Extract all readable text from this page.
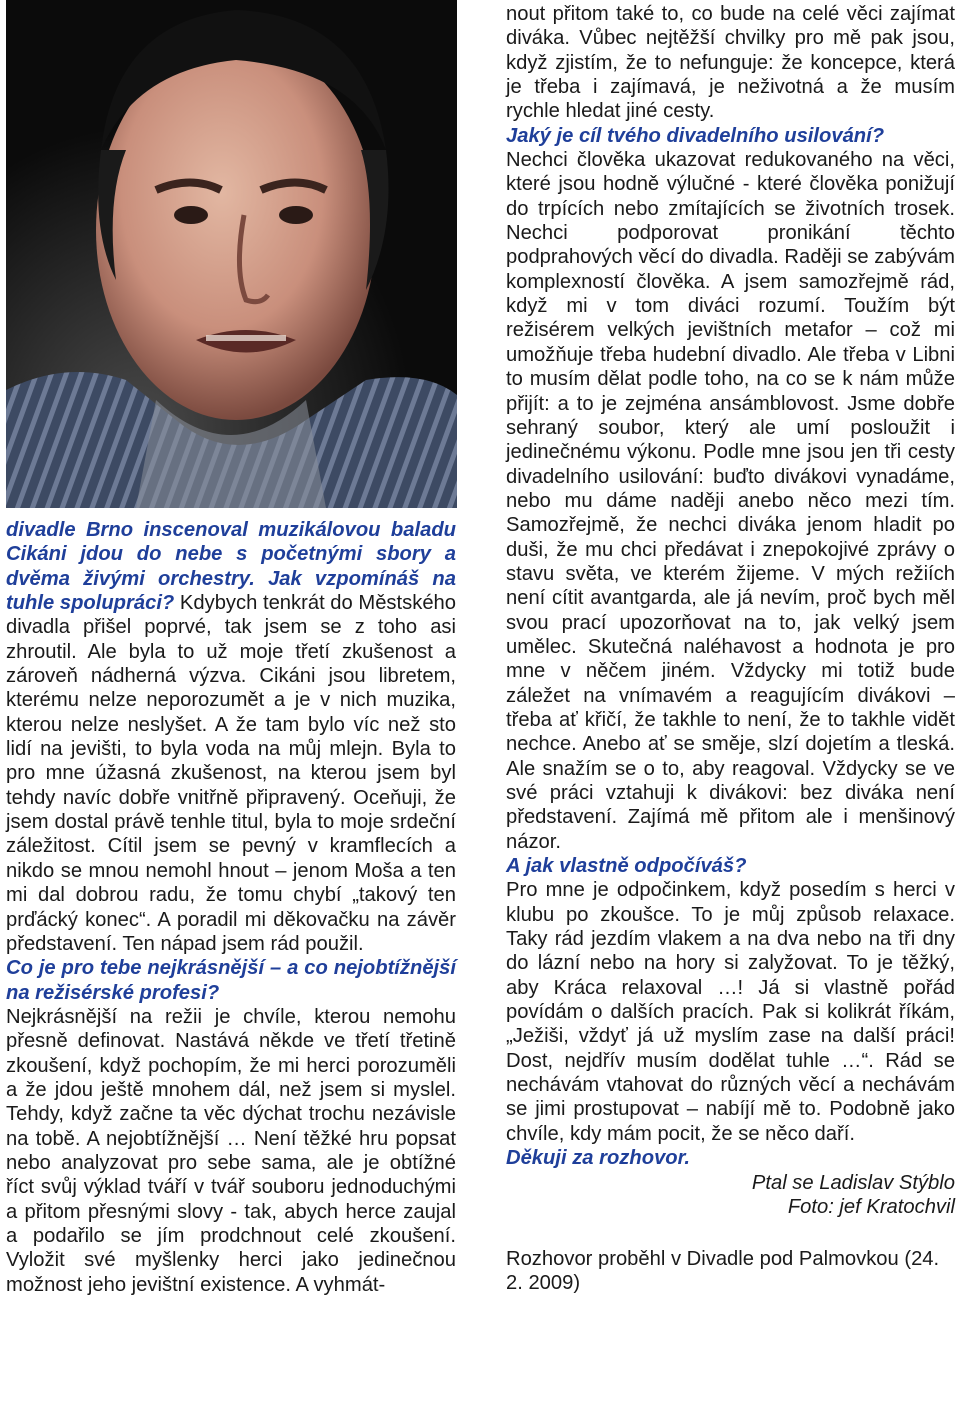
divadle Brno inscenoval muzikálovou baladu Cikáni jdou do nebe s početnými sbory a dvěma živými orchestry. Jak vzpomínáš na tuhle spolupráci? Kdybych tenkrát do Městského divadla přišel poprvé, tak jsem se z toho asi zhroutil. Ale byla to už moje třetí zkušenost a zároveň nádherná výzva. Cikáni jsou libretem, kterému nelze neporozumět a je v nich muzika, kterou nelze neslyšet. A že tam bylo víc než sto lidí na jevišti, to byla voda na můj mlejn. Byla to pro mne úžasná zkušenost, na kterou jsem byl tehdy navíc dobře vnitřně připravený. Oceňuji, že jsem dostal právě tenhle titul, byla to moje srdeční záležitost. Cítil jsem se pevný v kramflecích a nikdo se mnou nemohl hnout – jenom Moša a ten mi dal dobrou radu, že tomu chybí „takový ten prďácký konec“. A poradil mi děkovačku na závěr představení. Ten nápad jsem rád použil.

Co je pro tebe nejkrásnější – a co nejobtížnější na režisérské profesi?

Nejkrásnější na režii je chvíle, kterou nemohu přesně definovat. Nastává někde ve třetí třetině zkoušení, když pochopím, že mi herci porozuměli a že jdou ještě mnohem dál, než jsem si myslel. Tehdy, když začne ta věc dýchat trochu nezávisle na tobě. A nejobtížnější … Není těžké hru popsat nebo analyzovat pro sebe sama, ale je obtížné říct svůj výklad tváří v tvář souboru jednoduchými a přitom přesnými slovy - tak, abych herce zaujal a podařilo se jím prodchnout celé zkoušení. Vyložit své myšlenky herci jako jedinečnou možnost jeho jevištní existence. A vyhmát-

nout přitom také to, co bude na celé věci zajímat diváka. Vůbec nejtěžší chvilky pro mě pak jsou, když zjistím, že to nefunguje: že koncepce, která je třeba i zajímavá, je neživotná a že musím rychle hledat jiné cesty.

Jaký je cíl tvého divadelního usilování?

Nechci člověka ukazovat redukovaného na věci, které jsou hodně výlučné - které člověka ponižují do trpících nebo zmítajících se životních trosek. Nechci podporovat pronikání těchto podprahových věcí do divadla. Raději se zabývám komplexností člověka. A jsem samozřejmě rád, když mi v tom diváci rozumí. Toužím být režisérem velkých jevištních metafor – což mi umožňuje třeba hudební divadlo. Ale třeba v Libni to musím dělat podle toho, na co se k nám může přijít: a to je zejména ansámblovost. Jsme dobře sehraný soubor, který ale umí posloužit i jedinečnému výkonu. Podle mne jsou jen tři cesty divadelního usilování: buďto divákovi vynadáme, nebo mu dáme naději anebo něco mezi tím. Samozřejmě, že nechci diváka jenom hladit po duši, že mu chci předávat i znepokojivé zprávy o stavu světa, ve kterém žijeme. V mých režiích není cítit avantgarda, ale já nevím, proč bych měl svou prací upozorňovat na to, jak velký jsem umělec. Skutečná naléhavost a hodnota je pro mne v něčem jiném. Vždycky mi totiž bude záležet na vnímavém a reagujícím divákovi – třeba ať křičí, že takhle to není, že to takhle vidět nechce. Anebo ať se směje, slzí dojetím a tleská. Ale snažím se o to, aby reagoval. Vždycky se ve své práci vztahuji k divákovi: bez diváka není představení. Zajímá mě přitom ale i menšinový názor.

A jak vlastně odpočíváš?

Pro mne je odpočinkem, když posedím s herci v klubu po zkoušce. To je můj způsob relaxace. Taky rád jezdím vlakem a na dva nebo na tři dny do lázní nebo na hory si zalyžovat. To je těžký, aby Kráca relaxoval …! Já si vlastně pořád povídám o dalších pracích. Pak si kolikrát říkám, „Ježiši, vždyť já už myslím zase na další práci! Dost, nejdřív musím dodělat tuhle …“. Rád se nechávám vtahovat do různých věcí a nechávám se jimi prostupovat – nabíjí mě to. Podobně jako chvíle, kdy mám pocit, že se něco daří.

Děkuji za rozhovor.

Ptal se Ladislav Stýblo

Foto: jef Kratochvil

Rozhovor proběhl v Divadle pod Palmovkou (24. 2. 2009)
